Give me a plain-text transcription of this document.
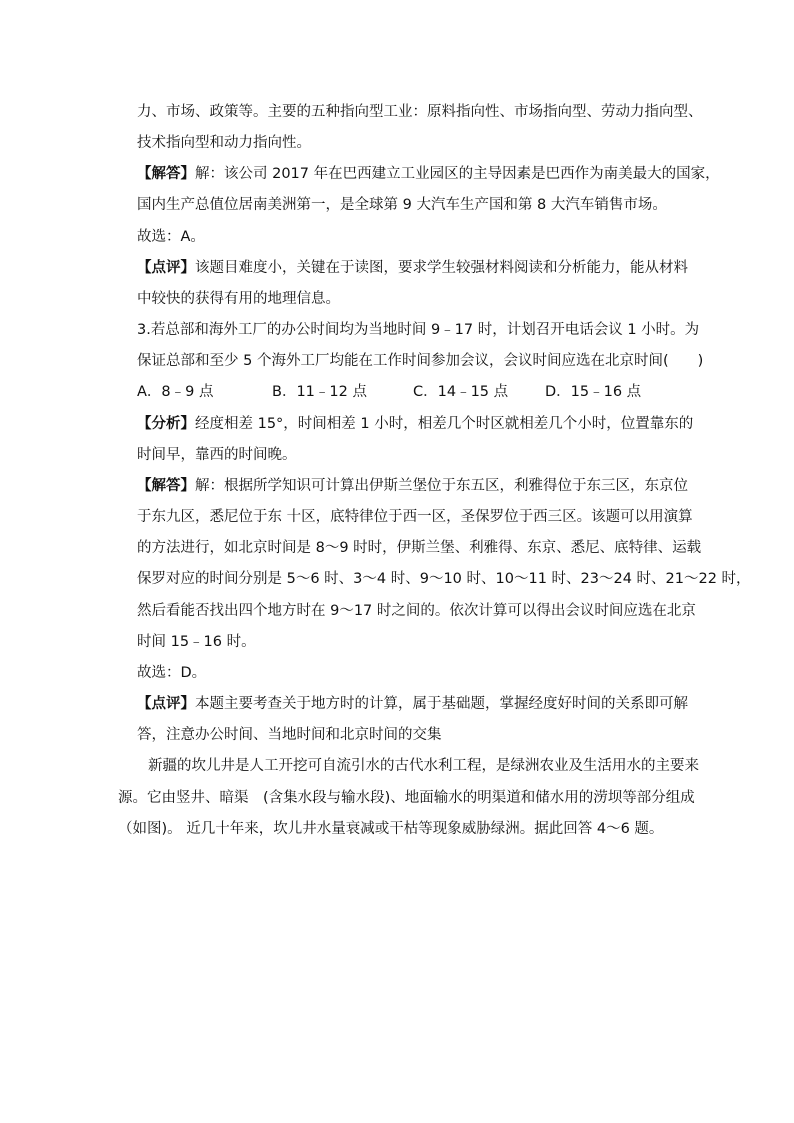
力、市场、政策等。主要的五种指向型工业：原料指向性、市场指向型、劳动力指向型、
技术指向型和动力指向性。
【解答】解：该公司 2017 年在巴西建立工业园区的主导因素是巴西作为南美最大的国家，
国内生产总值位居南美洲第一，是全球第 9 大汽车生产国和第 8 大汽车销售市场。
故选：A。
【点评】该题目难度小，关键在于读图，要求学生较强材料阅读和分析能力，能从材料
中较快的获得有用的地理信息。
3.若总部和海外工厂的办公时间均为当地时间 9﹣17 时，计划召开电话会议 1 小时。为
保证总部和至少 5 个海外工厂均能在工作时间参加会议，会议时间应选在北京时间(　　)
A．8﹣9 点	B．11﹣12 点	C．14﹣15 点	D．15﹣16 点
【分析】经度相差 15°，时间相差 1 小时，相差几个时区就相差几个小时，位置靠东的
时间早，靠西的时间晚。
【解答】解：根据所学知识可计算出伊斯兰堡位于东五区，利雅得位于东三区，东京位
于东九区，悉尼位于东 十区，底特律位于西一区，圣保罗位于西三区。该题可以用演算
的方法进行，如北京时间是 8～9 时时，伊斯兰堡、利雅得、东京、悉尼、底特律、运载
保罗对应的时间分别是 5～6 时、3～4 时、9～10 时、10～11 时、23～24 时、21～22 时，
然后看能否找出四个地方时在 9～17 时之间的。依次计算可以得出会议时间应选在北京
时间 15﹣16 时。
故选：D。
【点评】本题主要考查关于地方时的计算，属于基础题，掌握经度好时间的关系即可解
答，注意办公时间、当地时间和北京时间的交集
新疆的坎儿井是人工开挖可自流引水的古代水利工程，是绿洲农业及生活用水的主要来
源。它由竖井、暗渠　(含集水段与输水段)、地面输水的明渠道和储水用的涝坝等部分组成
（如图)。 近几十年来，坎儿井水量衰减或干枯等现象威胁绿洲。据此回答 4～6 题。
